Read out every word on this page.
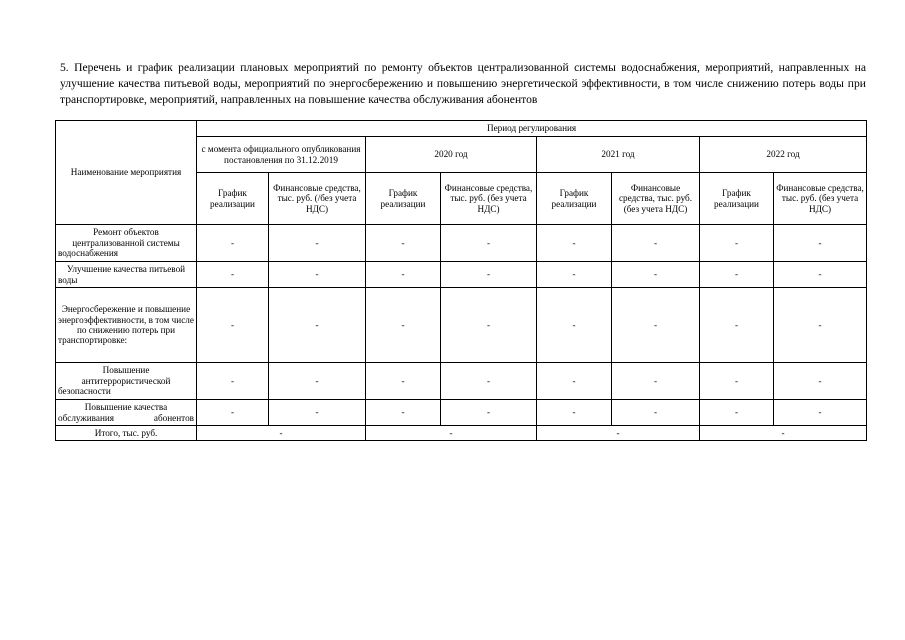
5. Перечень и график реализации плановых мероприятий по ремонту объектов централизованной системы водоснабжения, мероприятий, направленных на улучшение качества питьевой воды, мероприятий по энергосбережению и повышению энергетической эффективности, в том числе снижению потерь воды при транспортировке, мероприятий, направленных на повышение качества обслуживания абонентов
Наименование мероприятия	Период регулирования							
	с момента официального опубликования постановления по 31.12.2019		2020 год		2021 год		2022 год	
	График реализации	Финансовые средства, тыс. руб. (/без учета НДС)	График реализации	Финансовые средства, тыс. руб. (без учета НДС)	График реализации	Финансовые средства, тыс. руб. (без учета НДС)	График реализации	Финансовые средства, тыс. руб. (без учета НДС)
Ремонт объектов централизованной системы водоснабжения	-	-	-	-	-	-	-	-
Улучшение качества питьевой воды	-	-	-	-	-	-	-	-
Энергосбережение и повышение энергоэффективности, в том числе по снижению потерь при транспортировке:	-	-	-	-	-	-	-	-
Повышение антитеррористической безопасности	-	-	-	-	-	-	-	-
Повышение качества обслуживания абонентов	-	-	-	-	-	-	-	-
Итого, тыс. руб.	-		-		-		-	
